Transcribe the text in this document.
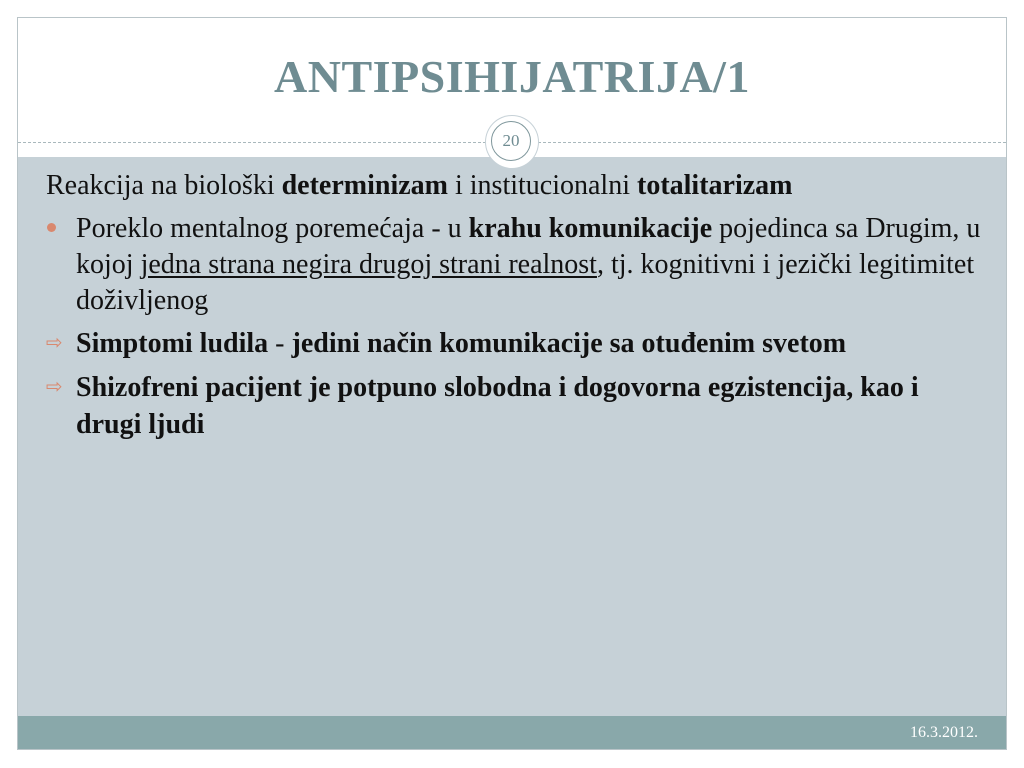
ANTIPSIHIJATRIJA/1
20

Reakcija na biološki determinizam i institucionalni totalitarizam

Poreklo mentalnog poremećaja - u krahu komunikacije pojedinca sa Drugim, u kojoj jedna strana negira drugoj strani realnost, tj. kognitivni i jezički legitimitet doživljenog

⇨ Simptomi ludila - jedini način komunikacije sa otuđenim svetom

⇨ Shizofreni pacijent je potpuno slobodna i dogovorna egzistencija, kao i drugi ljudi

16.3.2012.
